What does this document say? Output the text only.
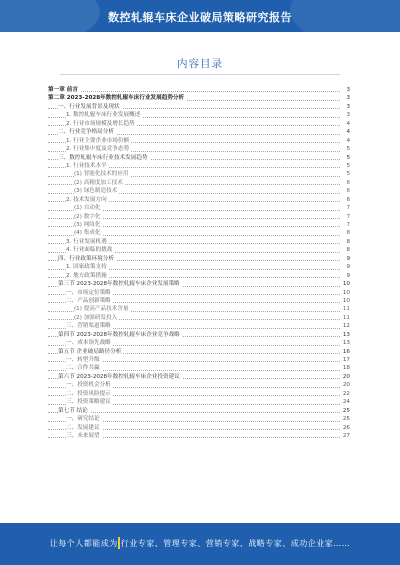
数控轧辊车床企业破局策略研究报告
内容目录
第一章 前言	3
第二章 2023-2028年数控轧辊车床行业发展趋势分析	3
一、行业发展背景及现状	3
1. 数控轧辊车床行业发展概述	3
2. 行业市场规模及增长趋势	4
二、行业竞争格局分析	4
1. 行业主要企业市场份额	4
2. 行业集中度及竞争态势	5
三、数控轧辊车床行业技术发展趋势	5
1. 行业技术水平	5
(1) 智能化技术的应用	5
(2) 高精度加工技术	6
(3) 绿色制造技术	6
2. 技术发展方向	6
(1) 自动化	7
(2) 数字化	7
(3) 网络化	7
(4) 集成化	8
3. 行业发展机遇	8
4. 行业面临的挑战	8
四、行业政策环境分析	9
1. 国家政策支持	9
2. 地方政策措施	9
第三节 2023-2028年数控轧辊车床企业发展策略	10
一、市场定位策略	10
二、产品创新策略	10
(1) 提高产品技术含量	11
(2) 加强研发投入	11
三、营销渠道策略	12
第四节 2023-2028年数控轧辊车床企业竞争战略	13
一、成本领先战略	13
第五节 企业破局路径分析	16
一、转型升级	17
二、合作共赢	18
第六节 2023-2028年数控轧辊车床企业投资建议	20
一、投资机会分析	20
二、投资风险提示	22
三、投资策略建议	24
第七节 结论	25
一、研究结论	25
二、发展建议	26
三、未来展望	27
让每个人都能成为 行业专家、管理专家、营销专家、战略专家、成功企业家……
